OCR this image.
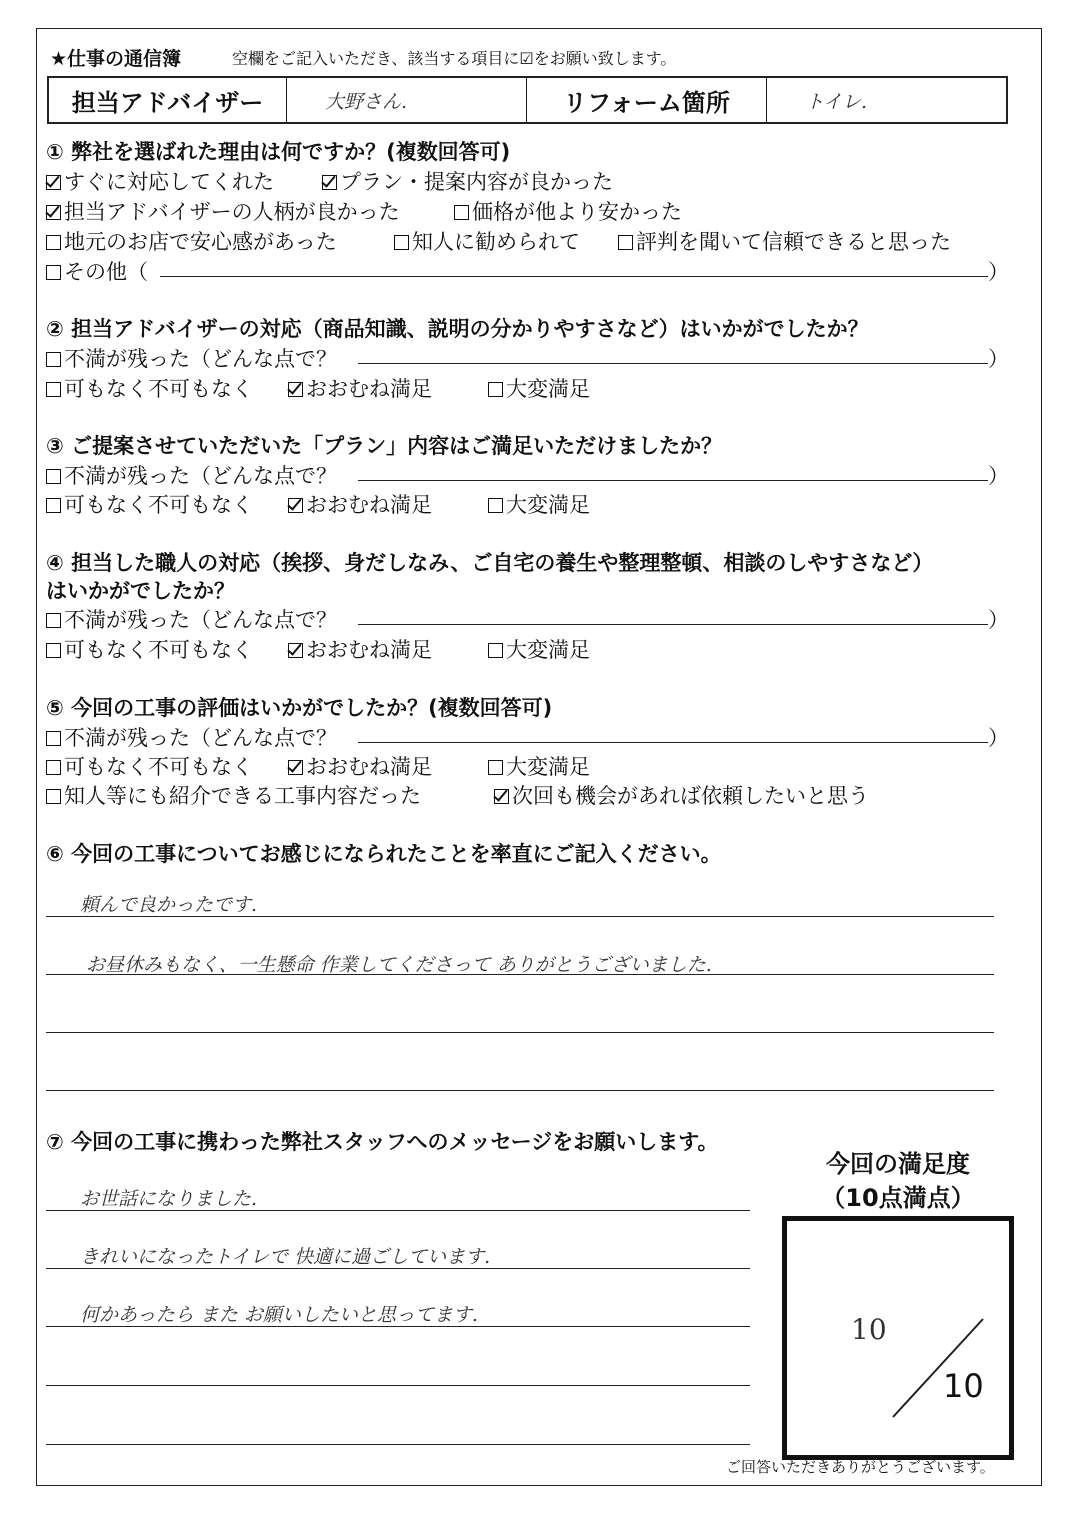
★仕事の通信簿	空欄をご記入いただき、該当する項目に☑をお願い致します。
担当アドバイザー	大野さん.	リフォーム箇所	トイレ.
① 弊社を選ばれた理由は何ですか？(複数回答可)
すぐに対応してくれた	プラン・提案内容が良かった
担当アドバイザーの人柄が良かった	価格が他より安かった
地元のお店で安心感があった	知人に勧められて	評判を聞いて信頼できると思った
その他（	）
② 担当アドバイザーの対応（商品知識、説明の分かりやすさなど）はいかがでしたか？
不満が残った（どんな点で？	）
可もなく不可もなく	おおむね満足	大変満足
③ ご提案させていただいた「プラン」内容はご満足いただけましたか？
不満が残った（どんな点で？	）
可もなく不可もなく	おおむね満足	大変満足
④ 担当した職人の対応（挨拶、身だしなみ、ご自宅の養生や整理整頓、相談のしやすさなど）
はいかがでしたか？
不満が残った（どんな点で？	）
可もなく不可もなく	おおむね満足	大変満足
⑤ 今回の工事の評価はいかがでしたか？(複数回答可)
不満が残った（どんな点で？	）
可もなく不可もなく	おおむね満足	大変満足
知人等にも紹介できる工事内容だった	次回も機会があれば依頼したいと思う
⑥ 今回の工事についてお感じになられたことを率直にご記入ください。
頼んで良かったです.
お昼休みもなく、一生懸命 作業してくださって ありがとうございました.
⑦ 今回の工事に携わった弊社スタッフへのメッセージをお願いします。
お世話になりました.
きれいになったトイレで 快適に過ごしています.
何かあったら また お願いしたいと思ってます.
今回の満足度
（10点満点）
10
10
ご回答いただきありがとうございます。
